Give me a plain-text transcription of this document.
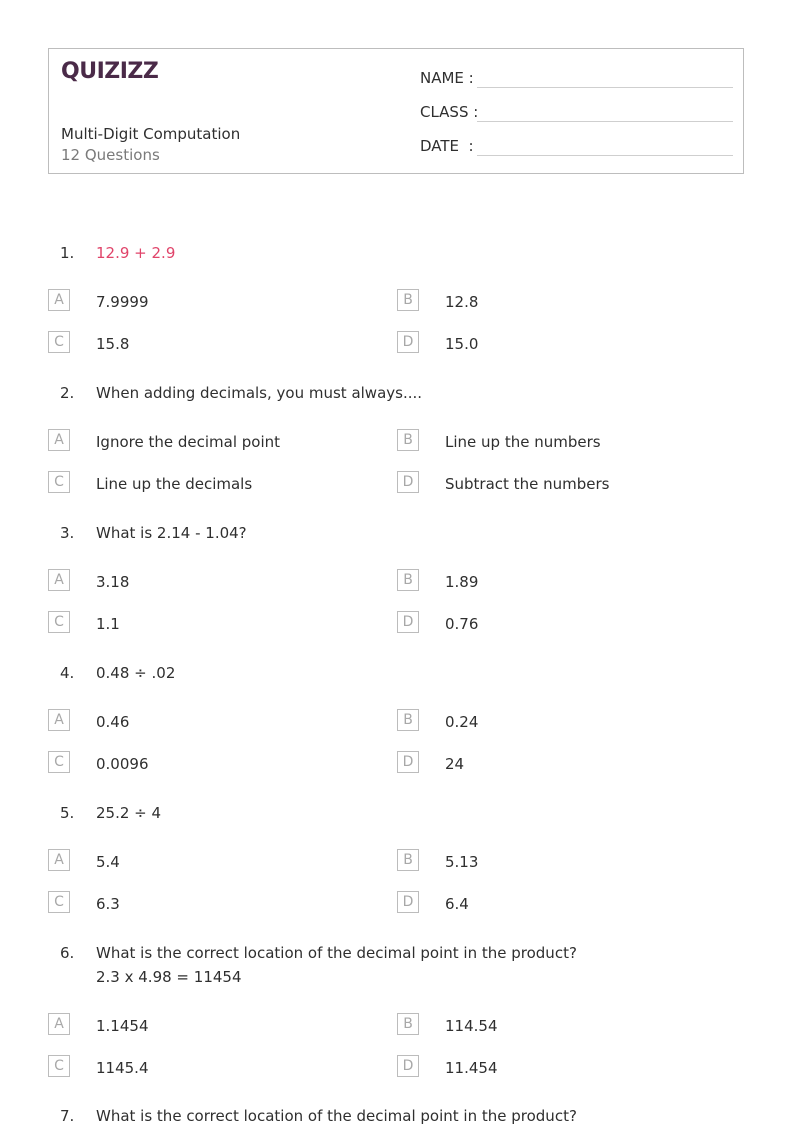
QUIZIZZ
Multi-Digit Computation
12 Questions
NAME :
CLASS :
DATE  :
1. 12.9 + 2.9
A	7.9999	B	12.8
C	15.8	D	15.0
2. When adding decimals, you must always....
A	Ignore the decimal point	B	Line up the numbers
C	Line up the decimals	D	Subtract the numbers
3. What is 2.14 - 1.04?
A	3.18	B	1.89
C	1.1	D	0.76
4. 0.48 ÷ .02
A	0.46	B	0.24
C	0.0096	D	24
5. 25.2 ÷ 4
A	5.4	B	5.13
C	6.3	D	6.4
6. What is the correct location of the decimal point in the product?
2.3 x 4.98 = 11454
A	1.1454	B	114.54
C	1145.4	D	11.454
7. What is the correct location of the decimal point in the product?
